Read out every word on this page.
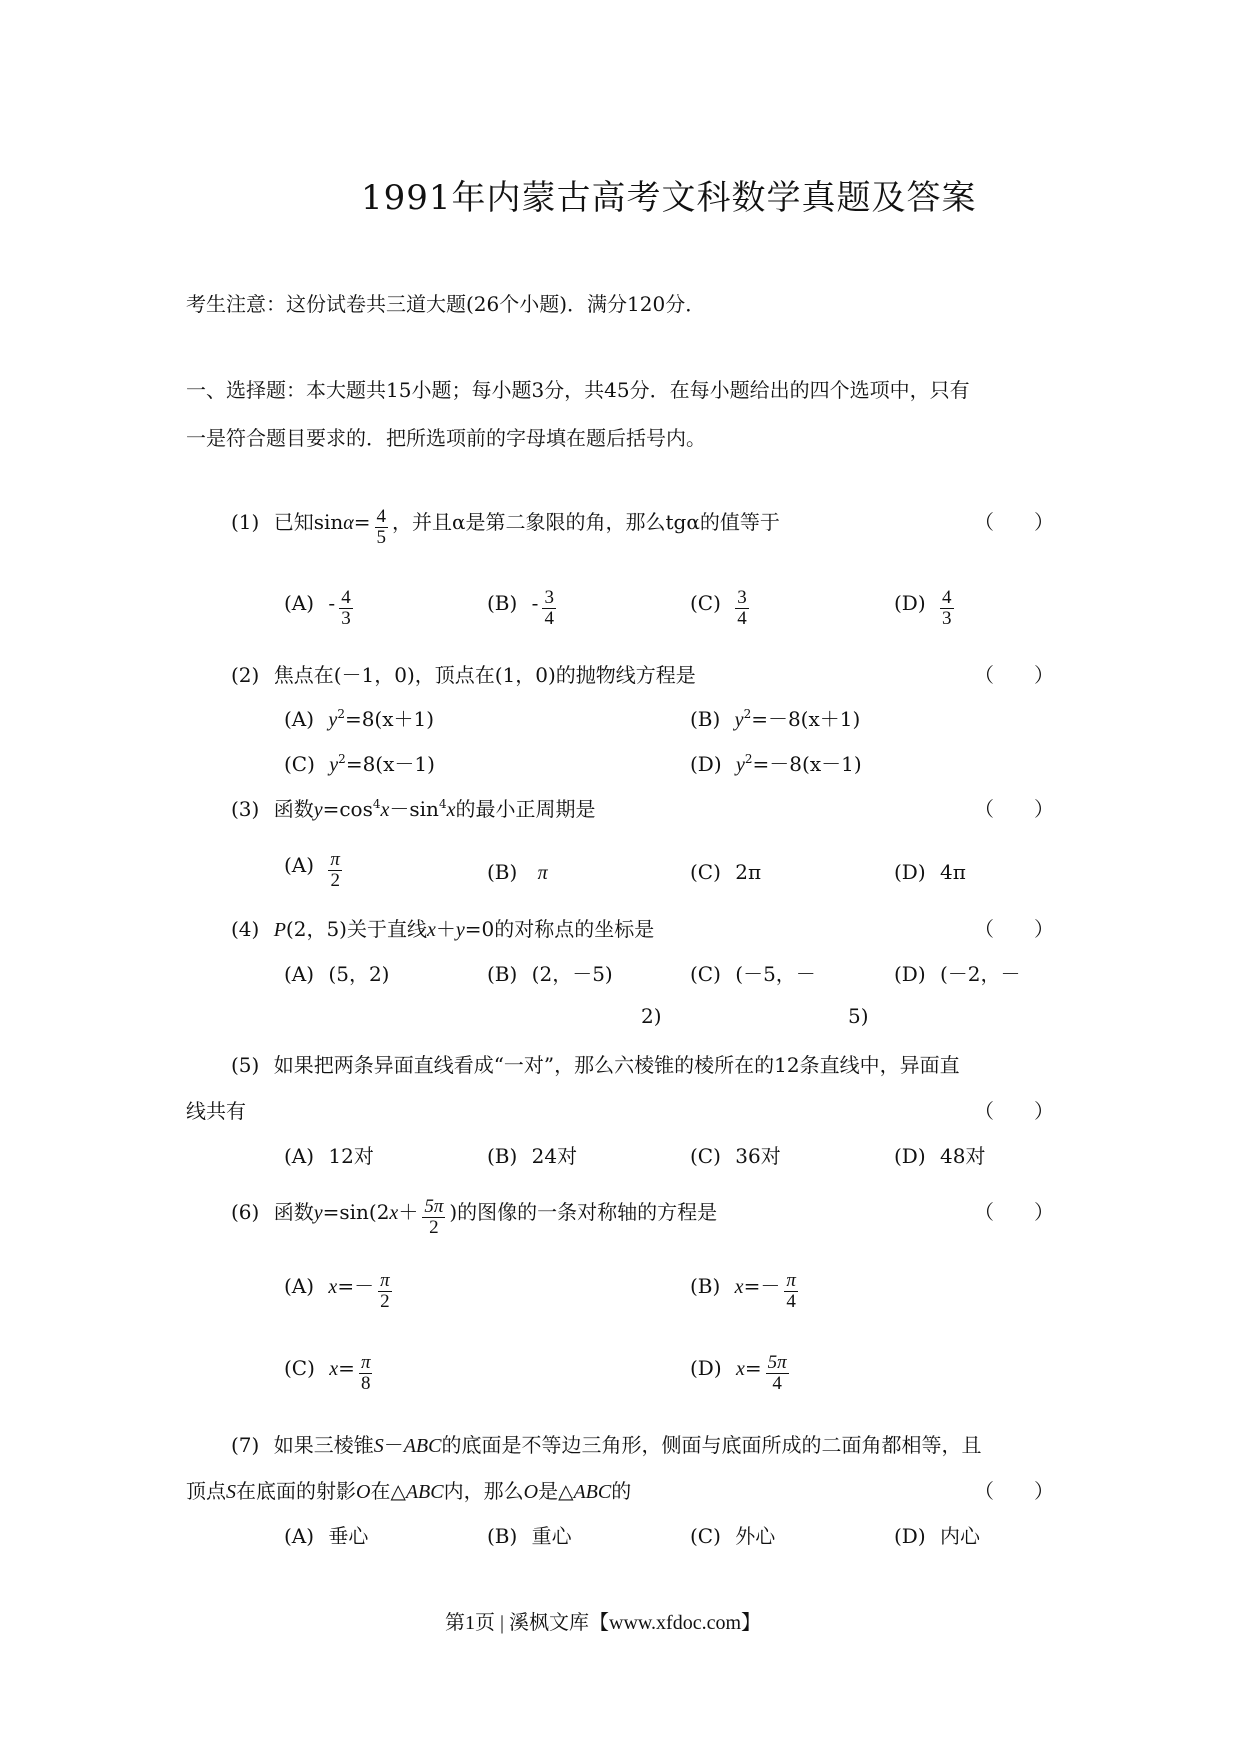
1991年内蒙古高考文科数学真题及答案
考生注意：这份试卷共三道大题(26个小题)．满分120分．
一、选择题：本大题共15小题；每小题3分，共45分．在每小题给出的四个选项中，只有
一是符合题目要求的．把所选项前的字母填在题后括号内。
(1) 已知$\sin\alpha= \frac{4}{5}$ ，并且α是第二象限的角，那么tgα的值等于	（　　）
$(A) - \frac{4}{3}$	$(B) - \frac{3}{4}$	$(C) \frac{3}{4}$	$(D) \frac{4}{3}$
(2) 焦点在(－1，0)，顶点在(1，0)的抛物线方程是	（　　）
(A) $y^2=8(x+1)$	(B) $y^2=-8(x+1)$
(C) $y^2=8(x-1)$	(D) $y^2=-8(x-1)$
(3) 函数$y=\cos^4x-\sin^4x$的最小正周期是	（　　）
$(A) \frac{\pi}{2}$	(B) π	(C) 2π	(D) 4π
(4) P(2，5)关于直线x＋y=0的对称点的坐标是	（　　）
(A) (5，2)	(B) (2，－5)	(C) (－5，－	(D) (－2，－
2)	5)
(5) 如果把两条异面直线看成“一对”，那么六棱锥的棱所在的12条直线中，异面直
线共有	（　　）
(A) 12对	(B) 24对	(C) 36对	(D) 48对
(6) 函数$y=\sin(2x+ \frac{5\pi}{2}$ )的图像的一条对称轴的方程是	（　　）
(A) $x=- \frac{\pi}{2}$	(B) $x=- \frac{\pi}{4}$
(C) $x= \frac{\pi}{8}$	(D) $x= \frac{5\pi}{4}$
(7) 如果三棱锥S－ABC的底面是不等边三角形，侧面与底面所成的二面角都相等，且
顶点S在底面的射影O在△ABC内，那么O是△ABC的	（　　）
(A) 垂心	(B) 重心	(C) 外心	(D) 内心
第1页 | 溪枫文库【www.xfdoc.com】
